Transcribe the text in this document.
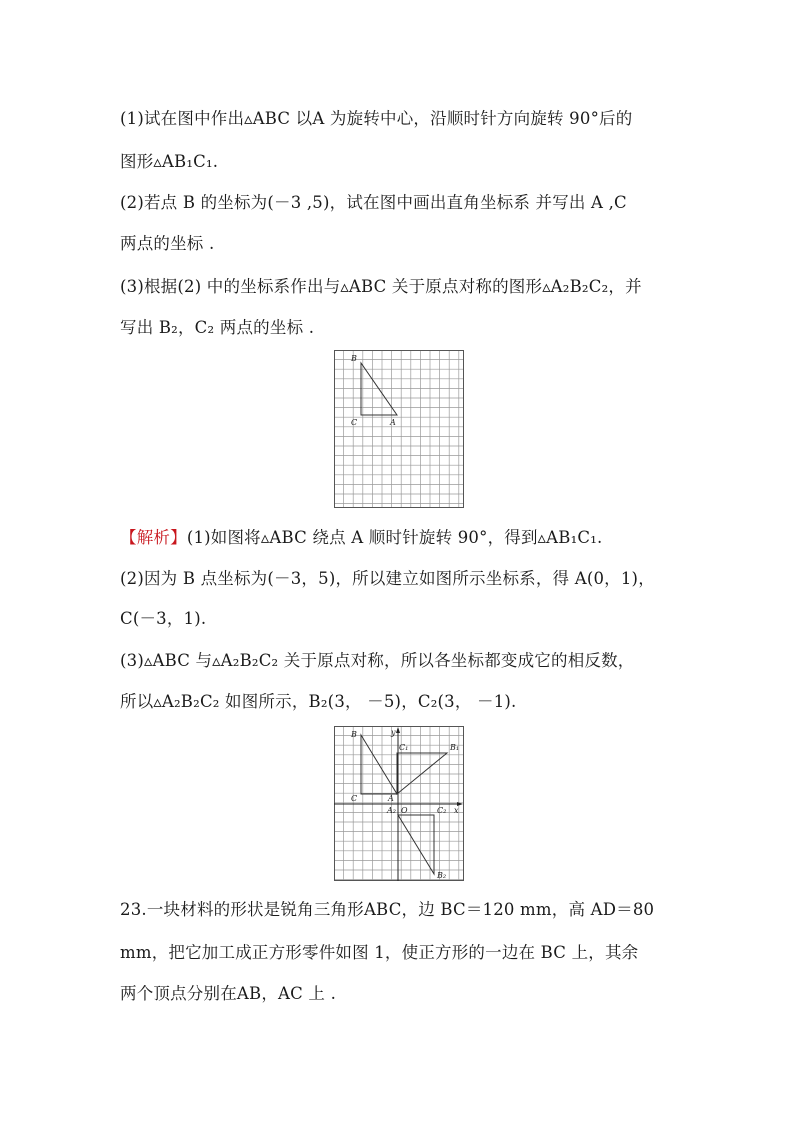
(1)试在图中作出▵ABC 以A 为旋转中心，沿顺时针方向旋转 90°后的
图形▵AB₁C₁.
(2)若点 B 的坐标为(－3 ,5)，试在图中画出直角坐标系 并写出 A ,C
两点的坐标 .
(3)根据(2) 中的坐标系作出与▵ABC 关于原点对称的图形▵A₂B₂C₂，并
写出 B₂，C₂ 两点的坐标 .
B
C	A
【解析】(1)如图将▵ABC 绕点 A 顺时针旋转 90°，得到▵AB₁C₁.
(2)因为 B 点坐标为(－3，5)，所以建立如图所示坐标系，得 A(0，1)，
C(－3，1).
(3)▵ABC 与▵A₂B₂C₂ 关于原点对称，所以各坐标都变成它的相反数，
所以▵A₂B₂C₂ 如图所示，B₂(3， －5)，C₂(3， －1).
B
C	A
C₁	B₁
A₂ O	C₂
B₂
x
y
23.一块材料的形状是锐角三角形ABC，边 BC＝120 mm，高 AD＝80
mm，把它加工成正方形零件如图 1，使正方形的一边在 BC 上，其余
两个顶点分别在AB，AC 上 .
